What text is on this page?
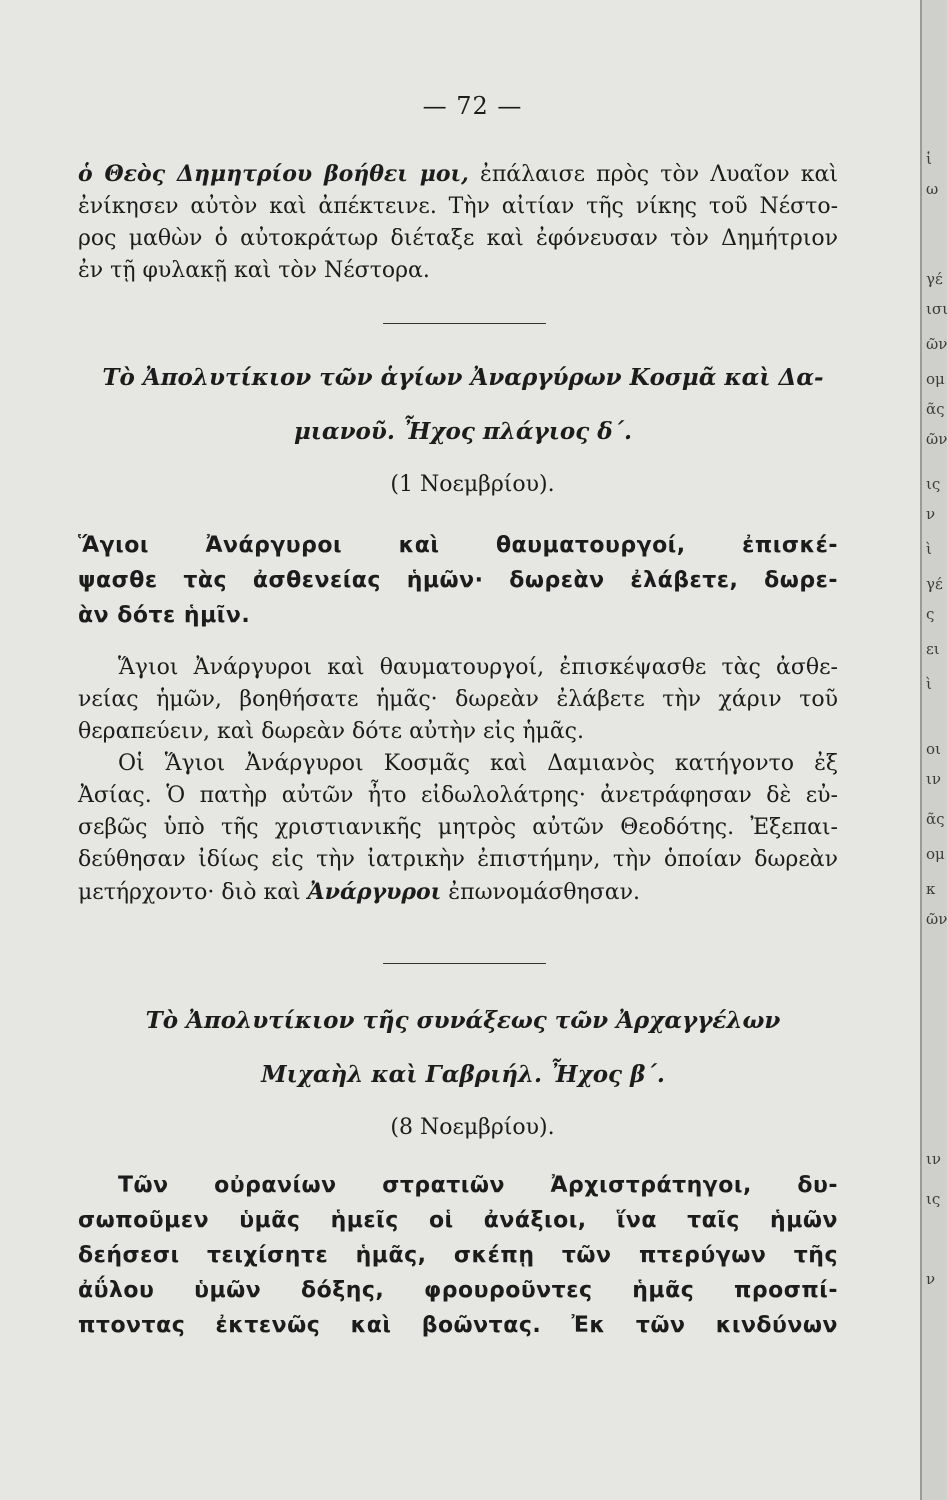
— 72 —
ὁ Θεὸς Δημητρίου βοήθει μοι, ἐπάλαισε πρὸς τὸν Λυαῖον καὶ
ἐνίκησεν αὐτὸν καὶ ἀπέκτεινε. Τὴν αἰτίαν τῆς νίκης τοῦ Νέστο-
ρος μαθὼν ὁ αὐτοκράτωρ διέταξε καὶ ἐφόνευσαν τὸν Δημήτριον
ἐν τῇ φυλακῇ καὶ τὸν Νέστορα.
Τὸ Ἀπολυτίκιον τῶν ἁγίων Ἀναργύρων Κοσμᾶ καὶ Δα-
μιανοῦ. Ἦχος πλάγιος δ΄.
(1 Νοεμβρίου).
Ἅγιοι Ἀνάργυροι καὶ θαυματουργοί, ἐπισκέ-
ψασθε τὰς ἀσθενείας ἡμῶν· δωρεὰν ἐλάβετε, δωρε-
ὰν δότε ἡμῖν.
Ἅγιοι Ἀνάργυροι καὶ θαυματουργοί, ἐπισκέψασθε τὰς ἀσθε-
νείας ἡμῶν, βοηθήσατε ἡμᾶς· δωρεὰν ἐλάβετε τὴν χάριν τοῦ
θεραπεύειν, καὶ δωρεὰν δότε αὐτὴν εἰς ἡμᾶς.
Οἱ Ἅγιοι Ἀνάργυροι Κοσμᾶς καὶ Δαμιανὸς κατήγοντο ἐξ
Ἀσίας. Ὁ πατὴρ αὐτῶν ἦτο εἰδωλολάτρης· ἀνετράφησαν δὲ εὐ-
σεβῶς ὑπὸ τῆς χριστιανικῆς μητρὸς αὐτῶν Θεοδότης. Ἐξεπαι-
δεύθησαν ἰδίως εἰς τὴν ἰατρικὴν ἐπιστήμην, τὴν ὁποίαν δωρεὰν
μετήρχοντο· διὸ καὶ Ἀνάργυροι ἐπωνομάσθησαν.
Τὸ Ἀπολυτίκιον τῆς συνάξεως τῶν Ἀρχαγγέλων
Μιχαὴλ καὶ Γαβριήλ. Ἦχος β΄.
(8 Νοεμβρίου).
Τῶν οὐρανίων στρατιῶν Ἀρχιστράτηγοι, δυ-
σωποῦμεν ὑμᾶς ἡμεῖς οἱ ἀνάξιοι, ἵνα ταῖς ἡμῶν
δεήσεσι τειχίσητε ἡμᾶς, σκέπῃ τῶν πτερύγων τῆς
ἀΰλου ὑμῶν δόξης, φρουροῦντες ἡμᾶς προσπί-
πτοντας ἐκτενῶς καὶ βοῶντας. Ἐκ τῶν κινδύνων
ἱ
ω
γέ
ισι
ῶν
ομ
ᾶς
ῶν
ις
ν
ὶ
γέ
ς
ει
ὶ
οι
ιν
ᾶς
ομ
κ
ῶν
ιν
ις
ν
